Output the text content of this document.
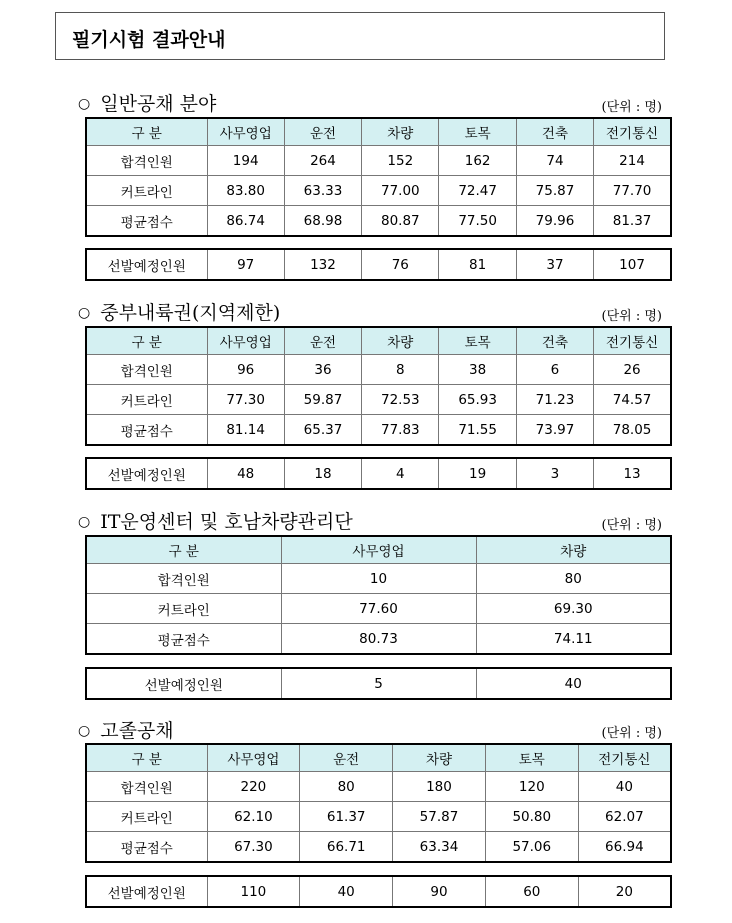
필기시험 결과안내
○ 일반공채 분야	(단위 : 명)
구 분	사무영업	운전	차량	토목	건축	전기통신
합격인원	194	264	152	162	74	214
커트라인	83.80	63.33	77.00	72.47	75.87	77.70
평균점수	86.74	68.98	80.87	77.50	79.96	81.37
선발예정인원	97	132	76	81	37	107
○ 중부내륙권(지역제한)	(단위 : 명)
구 분	사무영업	운전	차량	토목	건축	전기통신
합격인원	96	36	8	38	6	26
커트라인	77.30	59.87	72.53	65.93	71.23	74.57
평균점수	81.14	65.37	77.83	71.55	73.97	78.05
선발예정인원	48	18	4	19	3	13
○ IT운영센터 및 호남차량관리단	(단위 : 명)
구 분	사무영업	차량
합격인원	10	80
커트라인	77.60	69.30
평균점수	80.73	74.11
선발예정인원	5	40
○ 고졸공채	(단위 : 명)
구 분	사무영업	운전	차량	토목	전기통신
합격인원	220	80	180	120	40
커트라인	62.10	61.37	57.87	50.80	62.07
평균점수	67.30	66.71	63.34	57.06	66.94
선발예정인원	110	40	90	60	20
